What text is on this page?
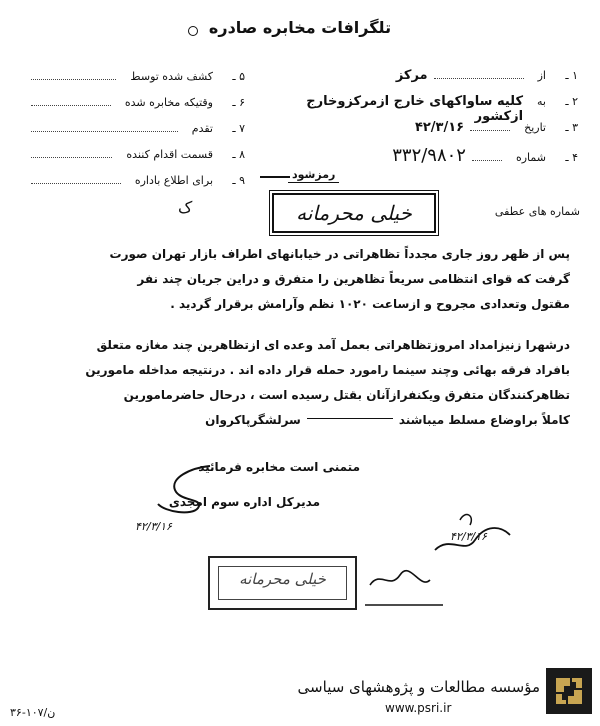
تلگرافات مخابره صادره
۵ ـ
کشف شده توسط
۶ ـ
وقتیکه مخابره شده
۷ ـ
تقدم
۸ ـ
قسمت اقدام کننده
۹ ـ
برای اطلاع باداره
۱ ـ
از
مرکز
۲ ـ
به
کلیه ساواکهای خارج ازمرکزوخارج ازکشور
۳ ـ
تاریخ
۴۲/۳/۱۶
۴ ـ
شماره
۳۳۲/۹۸۰۲
رمزشود
خیلی محرمانه
ک	شماره های عطفی
پس از ظهر روز جاری مجدداً تظاهراتی در خیابانهای اطراف بازار تهران صورت
گرفت که قوای انتظامی سریعاً تظاهرین را متفرق و دراین جریان چند نفر
مقتول وتعدادی مجروح و ازساعت ۱۰۲۰ نظم وآرامش برقرار گردید .
درشهرا زنیزامداد امروزتظاهراتی بعمل آمد وعده ای ازتظاهرین چند مغازه متعلق
بافراد فرقه بهائی وچند سینما رامورد حمله قرار داده اند . درنتیجه مداخله مامورین
تظاهرکنندگان متفرق ویکنفرازآنان بقتل رسیده است ، درحال حاضرمامورین
کاملاً براوضاع مسلط میباشندسرلشگرپاکروان
متمنی است مخابره فرمائید
مدیرکل اداره سوم امجدی
۴۲/۳/۱۶
۴۲/۳/۱۶
خیلی محرمانه
مؤسسه مطالعات و پژوهشهای سیاسی
www.psri.ir
ن/۱۰۷-۳۶
